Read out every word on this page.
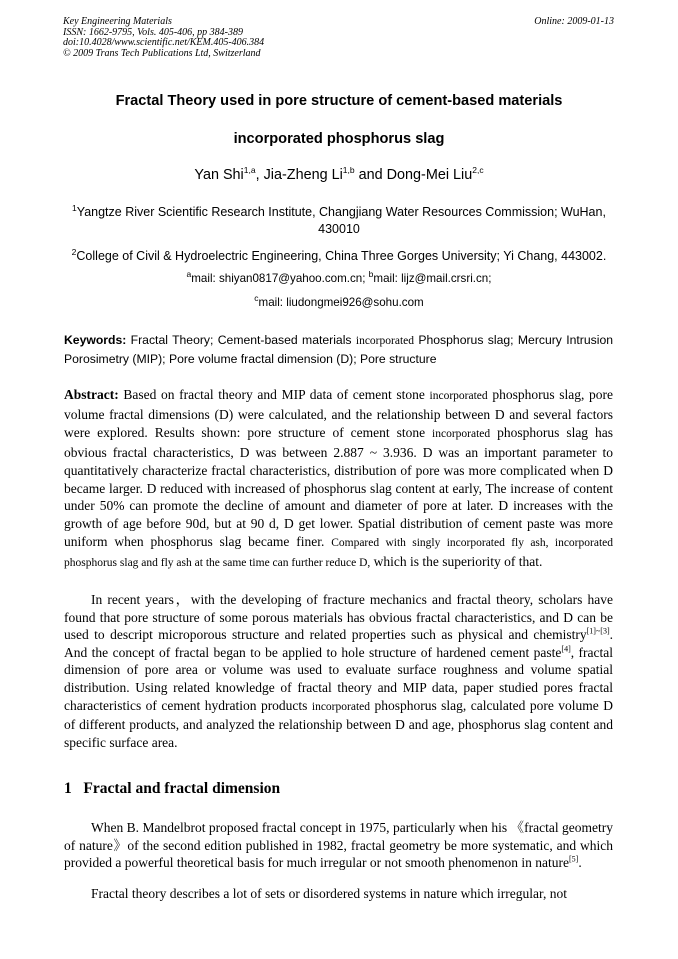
Key Engineering Materials
ISSN: 1662-9795, Vols. 405-406, pp 384-389
doi:10.4028/www.scientific.net/KEM.405-406.384
© 2009 Trans Tech Publications Ltd, Switzerland
Online: 2009-01-13
Fractal Theory used in pore structure of cement-based materials
incorporated phosphorus slag
Yan Shi$^{1,a}$, Jia-Zheng Li$^{1,b}$ and Dong-Mei Liu$^{2,c}$
$^1$Yangtze River Scientific Research Institute, Changjiang Water Resources Commission; WuHan, 430010
$^2$College of Civil & Hydroelectric Engineering, China Three Gorges University; Yi Chang, 443002.
$^a$mail: shiyan0817@yahoo.com.cn; $^b$mail: lijz@mail.crsri.cn;
$^c$mail: liudongmei926@sohu.com
Keywords: Fractal Theory; Cement-based materials incorporated Phosphorus slag; Mercury Intrusion Porosimetry (MIP); Pore volume fractal dimension (D); Pore structure
Abstract: Based on fractal theory and MIP data of cement stone incorporated phosphorus slag, pore volume fractal dimensions (D) were calculated, and the relationship between D and several factors were explored. Results shown: pore structure of cement stone incorporated phosphorus slag has obvious fractal characteristics, D was between 2.887 ~ 3.936. D was an important parameter to quantitatively characterize fractal characteristics, distribution of pore was more complicated when D became larger. D reduced with increased of phosphorus slag content at early, The increase of content under 50% can promote the decline of amount and diameter of pore at later. D increases with the growth of age before 90d, but at 90 d, D get lower. Spatial distribution of cement paste was more uniform when phosphorus slag became finer. Compared with singly incorporated fly ash, incorporated phosphorus slag and fly ash at the same time can further reduce D, which is the superiority of that.

In recent years，with the developing of fracture mechanics and fractal theory, scholars have found that pore structure of some porous materials has obvious fractal characteristics, and D can be used to descript microporous structure and related properties such as physical and chemistry[1]~[3]. And the concept of fractal began to be applied to hole structure of hardened cement paste[4], fractal dimension of pore area or volume was used to evaluate surface roughness and volume spatial distribution. Using related knowledge of fractal theory and MIP data, paper studied pores fractal characteristics of cement hydration products incorporated phosphorus slag, calculated pore volume D of different products, and analyzed the relationship between D and age, phosphorus slag content and specific surface area.

1 Fractal and fractal dimension

When B. Mandelbrot proposed fractal concept in 1975, particularly when his 《fractal geometry of nature》of the second edition published in 1982, fractal geometry be more systematic, and which provided a powerful theoretical basis for much irregular or not smooth phenomenon in nature[5].

Fractal theory describes a lot of sets or disordered systems in nature which irregular, not
